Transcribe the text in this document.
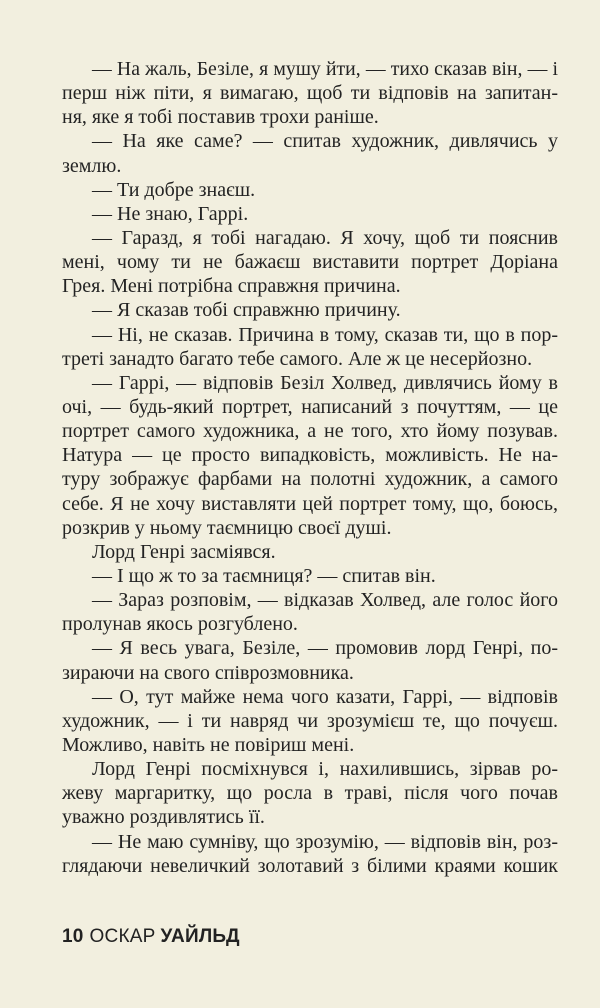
— На жаль, Безіле, я мушу йти, — тихо сказав він, — і
перш ніж піти, я вимагаю, щоб ти відповів на запитан-
ня, яке я тобі поставив трохи раніше.
— На яке саме? — спитав художник, дивлячись у
землю.
— Ти добре знаєш.
— Не знаю, Гаррі.
— Гаразд, я тобі нагадаю. Я хочу, щоб ти пояснив
мені, чому ти не бажаєш виставити портрет Доріана
Грея. Мені потрібна справжня причина.
— Я сказав тобі справжню причину.
— Ні, не сказав. Причина в тому, сказав ти, що в пор-
треті занадто багато тебе самого. Але ж це несерйозно.
— Гаррі, — відповів Безіл Холвед, дивлячись йому в
очі, — будь-який портрет, написаний з почуттям, — це
портрет самого художника, а не того, хто йому позував.
Натура — це просто випадковість, можливість. Не на-
туру зображує фарбами на полотні художник, а самого
себе. Я не хочу виставляти цей портрет тому, що, боюсь,
розкрив у ньому таємницю своєї душі.
Лорд Генрі засміявся.
— І що ж то за таємниця? — спитав він.
— Зараз розповім, — відказав Холвед, але голос його
пролунав якось розгублено.
— Я весь увага, Безіле, — промовив лорд Генрі, по-
зираючи на свого співрозмовника.
— О, тут майже нема чого казати, Гаррі, — відповів
художник, — і ти навряд чи зрозумієш те, що почуєш.
Можливо, навіть не повіриш мені.
Лорд Генрі посміхнувся і, нахилившись, зірвав ро-
жеву маргаритку, що росла в траві, після чого почав
уважно роздивлятись її.
— Не маю сумніву, що зрозумію, — відповів він, роз-
глядаючи невеличкий золотавий з білими краями кошик
10 ОСКАР УАЙЛЬД
